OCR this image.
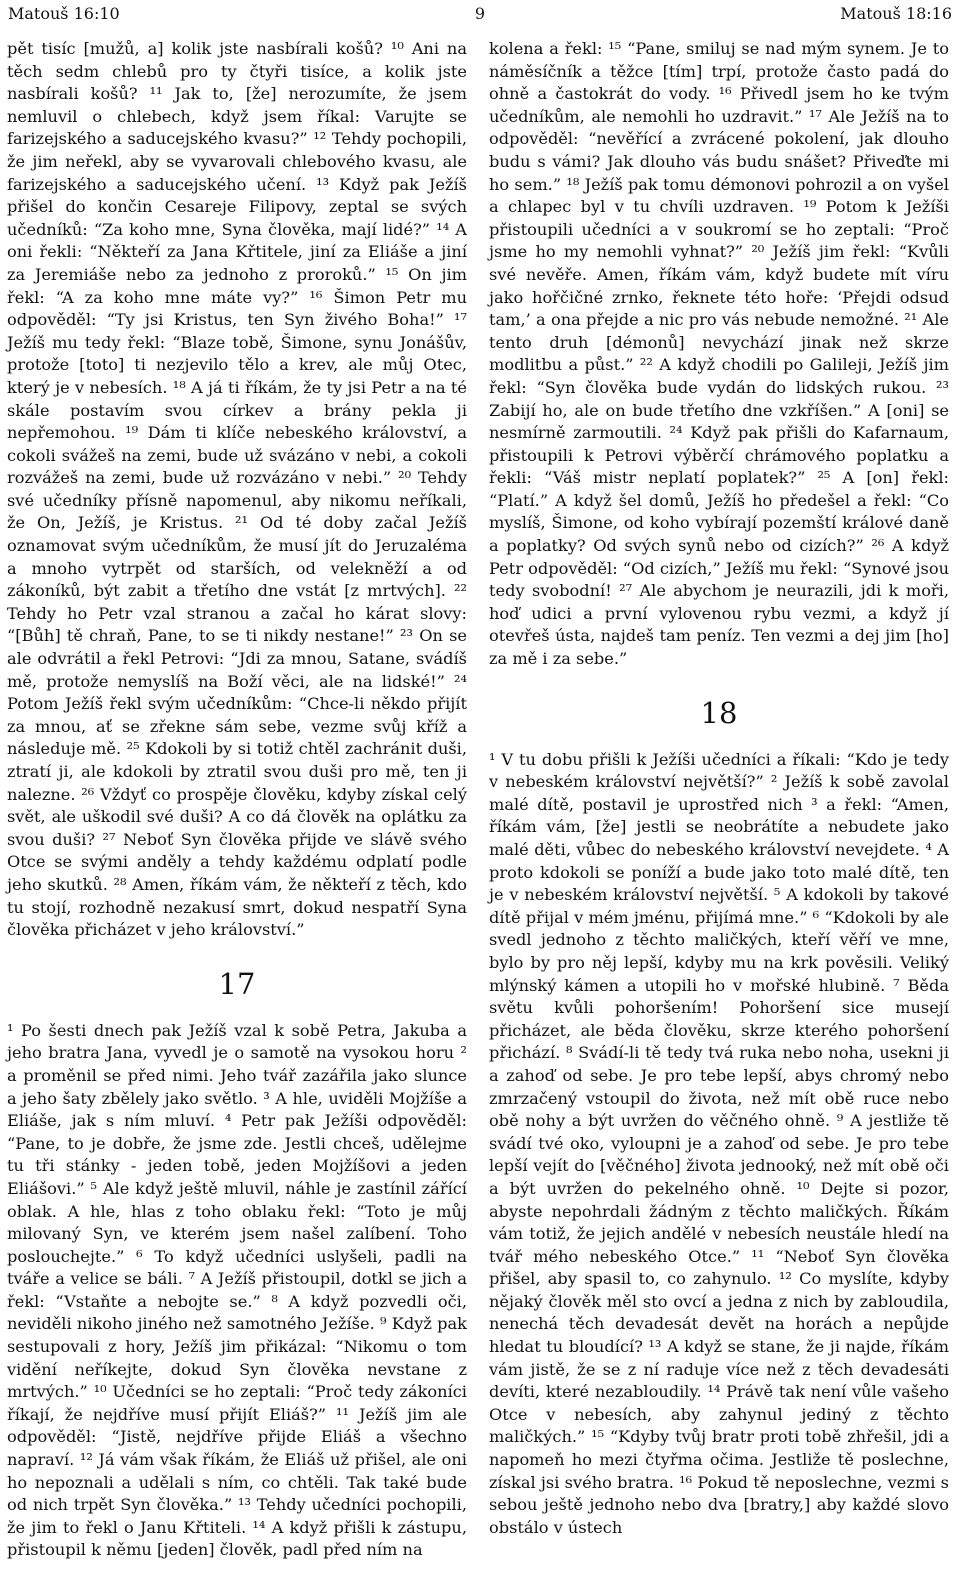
Matouš 16:10	9	Matouš 18:16

pět tisíc [mužů, a] kolik jste nasbírali košů? ¹⁰ Ani na těch sedm chlebů pro ty čtyři tisíce, a kolik jste nasbírali košů? ¹¹ Jak to, [že] nerozumíte, že jsem nemluvil o chlebech, když jsem říkal: Varujte se farizejského a saducejského kvasu?” ¹² Tehdy pochopili, že jim neřekl, aby se vyvarovali chlebového kvasu, ale farizejského a saducejského učení. ¹³ Když pak Ježíš přišel do končin Cesareje Filipovy, zeptal se svých učedníků: “Za koho mne, Syna člověka, mají lidé?” ¹⁴ A oni řekli: “Někteří za Jana Křtitele, jiní za Eliáše a jiní za Jeremiáše nebo za jednoho z proroků.” ¹⁵ On jim řekl: “A za koho mne máte vy?” ¹⁶ Šimon Petr mu odpověděl: “Ty jsi Kristus, ten Syn živého Boha!” ¹⁷ Ježíš mu tedy řekl: “Blaze tobě, Šimone, synu Jonášův, protože [toto] ti nezjevilo tělo a krev, ale můj Otec, který je v nebesích. ¹⁸ A já ti říkám, že ty jsi Petr a na té skále postavím svou církev a brány pekla ji nepřemohou. ¹⁹ Dám ti klíče nebeského království, a cokoli svážeš na zemi, bude už svázáno v nebi, a cokoli rozvážeš na zemi, bude už rozvázáno v nebi.” ²⁰ Tehdy své učedníky přísně napomenul, aby nikomu neříkali, že On, Ježíš, je Kristus. ²¹ Od té doby začal Ježíš oznamovat svým učedníkům, že musí jít do Jeruzaléma a mnoho vytrpět od starších, od velekněží a od zákoníků, být zabit a třetího dne vstát [z mrtvých]. ²² Tehdy ho Petr vzal stranou a začal ho kárat slovy: “[Bůh] tě chraň, Pane, to se ti nikdy nestane!” ²³ On se ale odvrátil a řekl Petrovi: “Jdi za mnou, Satane, svádíš mě, protože nemyslíš na Boží věci, ale na lidské!” ²⁴ Potom Ježíš řekl svým učedníkům: “Chce-li někdo přijít za mnou, ať se zřekne sám sebe, vezme svůj kříž a následuje mě. ²⁵ Kdokoli by si totiž chtěl zachránit duši, ztratí ji, ale kdokoli by ztratil svou duši pro mě, ten ji nalezne. ²⁶ Vždyť co prospěje člověku, kdyby získal celý svět, ale uškodil své duši? A co dá člověk na oplátku za svou duši? ²⁷ Neboť Syn člověka přijde ve slávě svého Otce se svými anděly a tehdy každému odplatí podle jeho skutků. ²⁸ Amen, říkám vám, že někteří z těch, kdo tu stojí, rozhodně nezakusí smrt, dokud nespatří Syna člověka přicházet v jeho království.”

17

¹ Po šesti dnech pak Ježíš vzal k sobě Petra, Jakuba a jeho bratra Jana, vyvedl je o samotě na vysokou horu ² a proměnil se před nimi. Jeho tvář zazářila jako slunce a jeho šaty zbělely jako světlo. ³ A hle, uviděli Mojžíše a Eliáše, jak s ním mluví. ⁴ Petr pak Ježíši odpověděl: “Pane, to je dobře, že jsme zde. Jestli chceš, udělejme tu tři stánky - jeden tobě, jeden Mojžíšovi a jeden Eliášovi.” ⁵ Ale když ještě mluvil, náhle je zastínil zářící oblak. A hle, hlas z toho oblaku řekl: “Toto je můj milovaný Syn, ve kterém jsem našel zalíbení. Toho poslouchejte.” ⁶ To když učedníci uslyšeli, padli na tváře a velice se báli. ⁷ A Ježíš přistoupil, dotkl se jich a řekl: “Vstaňte a nebojte se.” ⁸ A když pozvedli oči, neviděli nikoho jiného než samotného Ježíše. ⁹ Když pak sestupovali z hory, Ježíš jim přikázal: “Nikomu o tom vidění neříkejte, dokud Syn člověka nevstane z mrtvých.” ¹⁰ Učedníci se ho zeptali: “Proč tedy zákoníci říkají, že nejdříve musí přijít Eliáš?” ¹¹ Ježíš jim ale odpověděl: “Jistě, nejdříve přijde Eliáš a všechno napraví. ¹² Já vám však říkám, že Eliáš už přišel, ale oni ho nepoznali a udělali s ním, co chtěli. Tak také bude od nich trpět Syn člověka.” ¹³ Tehdy učedníci pochopili, že jim to řekl o Janu Křtiteli. ¹⁴ A když přišli k zástupu, přistoupil k němu [jeden] člověk, padl před ním na

kolena a řekl: ¹⁵ “Pane, smiluj se nad mým synem. Je to náměsíčník a těžce [tím] trpí, protože často padá do ohně a častokrát do vody. ¹⁶ Přivedl jsem ho ke tvým učedníkům, ale nemohli ho uzdravit.” ¹⁷ Ale Ježíš na to odpověděl: “nevěřící a zvrácené pokolení, jak dlouho budu s vámi? Jak dlouho vás budu snášet? Přiveďte mi ho sem.” ¹⁸ Ježíš pak tomu démonovi pohrozil a on vyšel a chlapec byl v tu chvíli uzdraven. ¹⁹ Potom k Ježíši přistoupili učedníci a v soukromí se ho zeptali: “Proč jsme ho my nemohli vyhnat?” ²⁰ Ježíš jim řekl: “Kvůli své nevěře. Amen, říkám vám, když budete mít víru jako hořčičné zrnko, řeknete této hoře: ‘Přejdi odsud tam,’ a ona přejde a nic pro vás nebude nemožné. ²¹ Ale tento druh [démonů] nevychází jinak než skrze modlitbu a půst.” ²² A když chodili po Galileji, Ježíš jim řekl: “Syn člověka bude vydán do lidských rukou. ²³ Zabijí ho, ale on bude třetího dne vzkříšen.” A [oni] se nesmírně zarmoutili. ²⁴ Když pak přišli do Kafarnaum, přistoupili k Petrovi výběrčí chrámového poplatku a řekli: “Váš mistr neplatí poplatek?” ²⁵ A [on] řekl: “Platí.” A když šel domů, Ježíš ho předešel a řekl: “Co myslíš, Šimone, od koho vybírají pozemští králové daně a poplatky? Od svých synů nebo od cizích?” ²⁶ A když Petr odpověděl: “Od cizích,” Ježíš mu řekl: “Synové jsou tedy svobodní! ²⁷ Ale abychom je neurazili, jdi k moři, hoď udici a první vylovenou rybu vezmi, a když jí otevřeš ústa, najdeš tam peníz. Ten vezmi a dej jim [ho] za mě i za sebe.”

18

¹ V tu dobu přišli k Ježíši učedníci a říkali: “Kdo je tedy v nebeském království největší?” ² Ježíš k sobě zavolal malé dítě, postavil je uprostřed nich ³ a řekl: “Amen, říkám vám, [že] jestli se neobrátíte a nebudete jako malé děti, vůbec do nebeského království nevejdete. ⁴ A proto kdokoli se poníží a bude jako toto malé dítě, ten je v nebeském království největší. ⁵ A kdokoli by takové dítě přijal v mém jménu, přijímá mne.” ⁶ “Kdokoli by ale svedl jednoho z těchto maličkých, kteří věří ve mne, bylo by pro něj lepší, kdyby mu na krk pověsili. Veliký mlýnský kámen a utopili ho v mořské hlubině. ⁷ Běda světu kvůli pohoršením! Pohoršení sice musejí přicházet, ale běda člověku, skrze kterého pohoršení přichází. ⁸ Svádí-li tě tedy tvá ruka nebo noha, usekni ji a zahoď od sebe. Je pro tebe lepší, abys chromý nebo zmrzačený vstoupil do života, než mít obě ruce nebo obě nohy a být uvržen do věčného ohně. ⁹ A jestliže tě svádí tvé oko, vyloupni je a zahoď od sebe. Je pro tebe lepší vejít do [věčného] života jednooký, než mít obě oči a být uvržen do pekelného ohně. ¹⁰ Dejte si pozor, abyste nepohrdali žádným z těchto maličkých. Říkám vám totiž, že jejich andělé v nebesích neustále hledí na tvář mého nebeského Otce.” ¹¹ “Neboť Syn člověka přišel, aby spasil to, co zahynulo. ¹² Co myslíte, kdyby nějaký člověk měl sto ovcí a jedna z nich by zabloudila, nenechá těch devadesát devět na horách a nepůjde hledat tu bloudící? ¹³ A když se stane, že ji najde, říkám vám jistě, že se z ní raduje více než z těch devadesáti devíti, které nezabloudily. ¹⁴ Právě tak není vůle vašeho Otce v nebesích, aby zahynul jediný z těchto maličkých.” ¹⁵ “Kdyby tvůj bratr proti tobě zhřešil, jdi a napomeň ho mezi čtyřma očima. Jestliže tě poslechne, získal jsi svého bratra. ¹⁶ Pokud tě neposlechne, vezmi s sebou ještě jednoho nebo dva [bratry,] aby každé slovo obstálo v ústech
